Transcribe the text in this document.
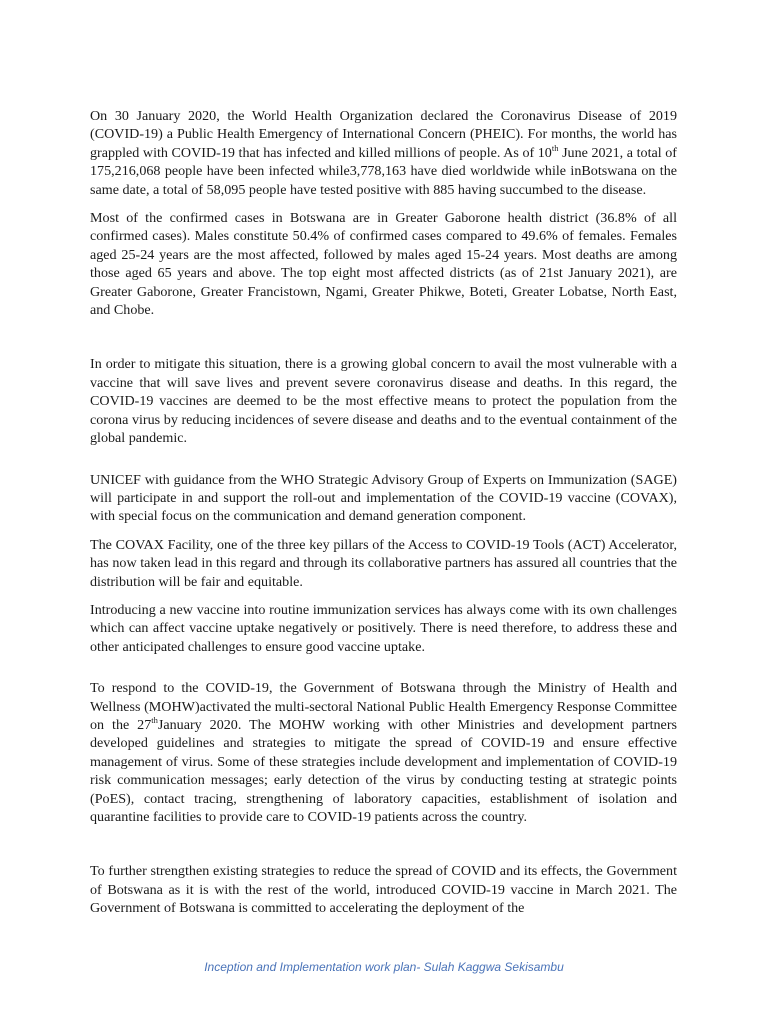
On 30 January 2020, the World Health Organization declared the Coronavirus Disease of 2019 (COVID-19) a Public Health Emergency of International Concern (PHEIC). For months, the world has grappled with COVID-19 that has infected and killed millions of people. As of 10th June 2021, a total of 175,216,068 people have been infected while3,778,163 have died worldwide while inBotswana on the same date, a total of 58,095 people have tested positive with 885 having succumbed to the disease.

Most of the confirmed cases in Botswana are in Greater Gaborone health district (36.8% of all confirmed cases). Males constitute 50.4% of confirmed cases compared to 49.6% of females. Females aged 25-24 years are the most affected, followed by males aged 15-24 years. Most deaths are among those aged 65 years and above. The top eight most affected districts (as of 21st January 2021), are Greater Gaborone, Greater Francistown, Ngami, Greater Phikwe, Boteti, Greater Lobatse, North East, and Chobe.

In order to mitigate this situation, there is a growing global concern to avail the most vulnerable with a vaccine that will save lives and prevent severe coronavirus disease and deaths. In this regard, the COVID-19 vaccines are deemed to be the most effective means to protect the population from the corona virus by reducing incidences of severe disease and deaths and to the eventual containment of the global pandemic.

UNICEF with guidance from the WHO Strategic Advisory Group of Experts on Immunization (SAGE) will participate in and support the roll-out and implementation of the COVID-19 vaccine (COVAX), with special focus on the communication and demand generation component.

The COVAX Facility, one of the three key pillars of the Access to COVID-19 Tools (ACT) Accelerator, has now taken lead in this regard and through its collaborative partners has assured all countries that the distribution will be fair and equitable.

Introducing a new vaccine into routine immunization services has always come with its own challenges which can affect vaccine uptake negatively or positively. There is need therefore, to address these and other anticipated challenges to ensure good vaccine uptake.

To respond to the COVID-19, the Government of Botswana through the Ministry of Health and Wellness (MOHW)activated the multi-sectoral National Public Health Emergency Response Committee on the 27thJanuary 2020. The MOHW working with other Ministries and development partners developed guidelines and strategies to mitigate the spread of COVID-19 and ensure effective management of virus. Some of these strategies include development and implementation of COVID-19 risk communication messages; early detection of the virus by conducting testing at strategic points (PoES), contact tracing, strengthening of laboratory capacities, establishment of isolation and quarantine facilities to provide care to COVID-19 patients across the country.

To further strengthen existing strategies to reduce the spread of COVID and its effects, the Government of Botswana as it is with the rest of the world, introduced COVID-19 vaccine in March 2021. The Government of Botswana is committed to accelerating the deployment of the

Inception and Implementation work plan- Sulah Kaggwa Sekisambu
